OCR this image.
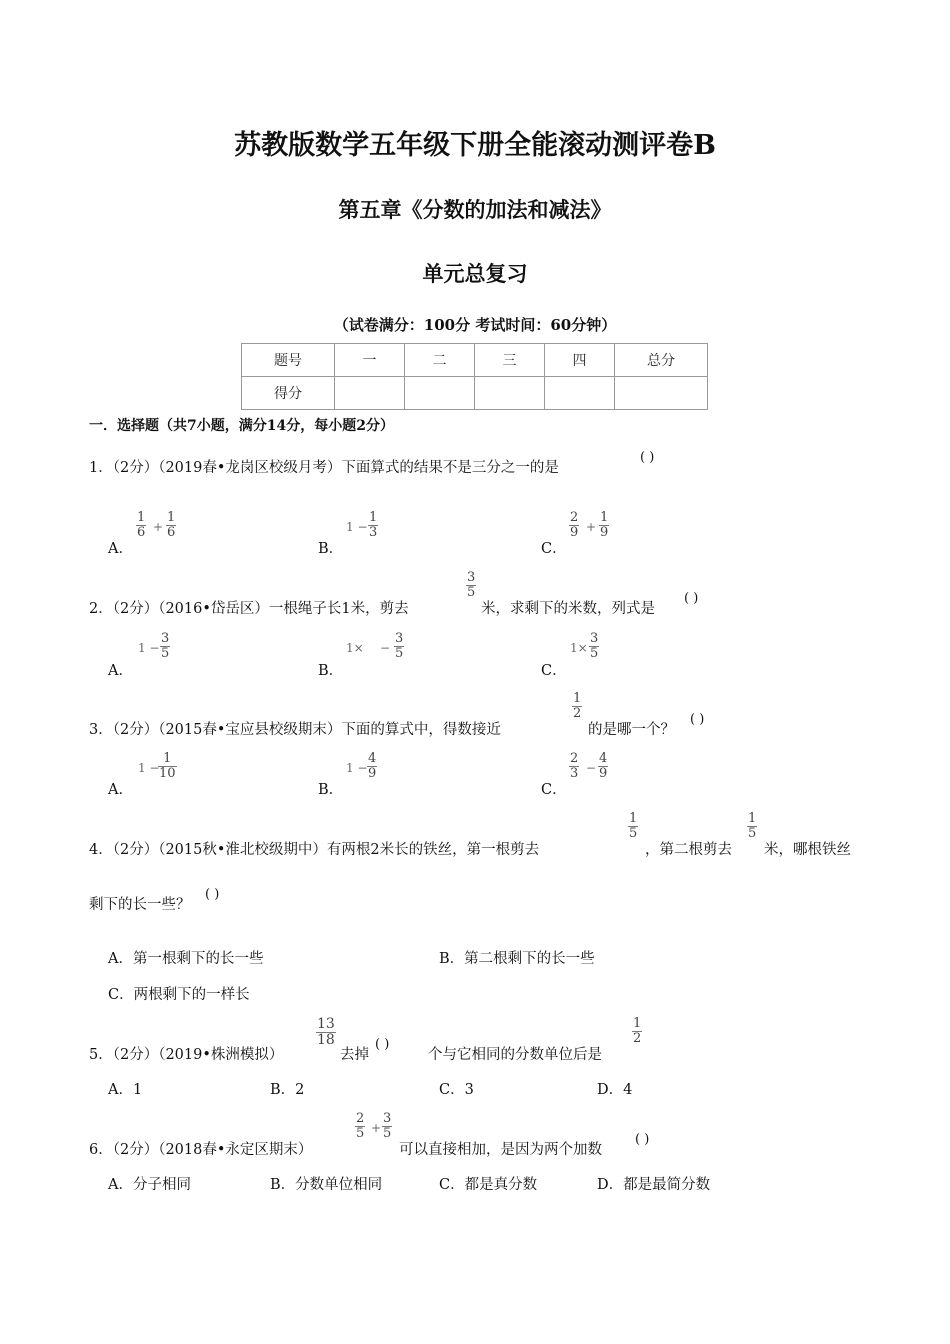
苏教版数学五年级下册全能滚动测评卷B
第五章《分数的加法和减法》
单元总复习
（试卷满分：100分 考试时间：60分钟）
题号	一	二	三	四	总分
得分					
一．选择题（共7小题，满分14分，每小题2分）
1．（2分）（2019春•龙岗区校级月考）下面算式的结果不是三分之一的是
( )
A．
$\frac{1}{6} + \frac{1}{6}$
B．
$1 - \frac{1}{3}$
C．
$\frac{2}{9} + \frac{1}{9}$
2．（2分）（2016•岱岳区）一根绳子长1米，剪去
$\frac{3}{5}$
米，求剩下的米数，列式是
( )
A．
$1 - \frac{3}{5}$
B．
$1\times - \frac{3}{5}$
C．
$1\times \frac{3}{5}$
3．（2分）（2015春•宝应县校级期末）下面的算式中，得数接近
$\frac{1}{2}$
的是哪一个？
( )
A．
1 −
$\frac{1}{10}$
B．
$1 - \frac{4}{9}$
C．
$\frac{2}{3} - \frac{4}{9}$
4．（2分）（2015秋•淮北校级期中）有两根2米长的铁丝，第一根剪去
$\frac{1}{5}$
，第二根剪去
$\frac{1}{5}$
米，哪根铁丝
剩下的长一些？
( )
A．第一根剩下的长一些	B．第二根剩下的长一些
C．两根剩下的一样长
5．（2分）（2019•株洲模拟）
$\frac{13}{18}$
去掉
( )
个与它相同的分数单位后是
$\frac{1}{2}$
A．1	B．2	C．3	D．4
6．（2分）（2018春•永定区期末）
$\frac{2}{5} + \frac{3}{5}$
可以直接相加，是因为两个加数
( )
A．分子相同	B．分数单位相同	C．都是真分数	D．都是最简分数
